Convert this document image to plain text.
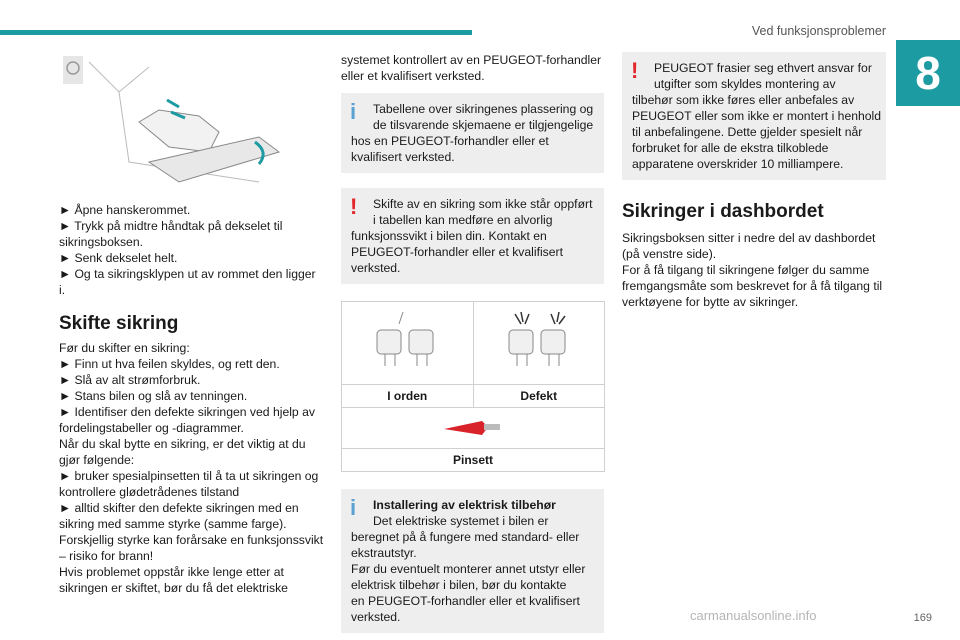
Ved funksjonsproblemer
8
► Åpne hanskerommet.
► Trykk på midtre håndtak på dekselet til
sikringsboksen.
► Senk dekselet helt.
► Og ta sikringsklypen ut av rommet den ligger
i.
Skifte sikring
Før du skifter en sikring:
► Finn ut hva feilen skyldes, og rett den.
► Slå av alt strømforbruk.
► Stans bilen og slå av tenningen.
► Identifiser den defekte sikringen ved hjelp av
fordelingstabeller og -diagrammer.
Når du skal bytte en sikring, er det viktig at du
gjør følgende:
► bruker spesialpinsetten til å ta ut sikringen og
kontrollere glødetrådenes tilstand
► alltid skifter den defekte sikringen med en
sikring med samme styrke (samme farge).
Forskjellig styrke kan forårsake en funksjonssvikt
– risiko for brann!
Hvis problemet oppstår ikke lenge etter at
sikringen er skiftet, bør du få det elektriske
systemet kontrollert av en PEUGEOT-forhandler
eller et kvalifisert verksted.
i	Tabellene over sikringenes plassering og
de tilsvarende skjemaene er tilgjengelige
hos en PEUGEOT-forhandler eller et
kvalifisert verksted.
!	Skifte av en sikring som ikke står oppført
i tabellen kan medføre en alvorlig
funksjonssvikt i bilen din. Kontakt en
PEUGEOT-forhandler eller et kvalifisert
verksted.
I orden	Defekt
Pinsett
i	Installering av elektrisk tilbehør
Det elektriske systemet i bilen er
beregnet på å fungere med standard- eller
ekstrautstyr.
Før du eventuelt monterer annet utstyr eller
elektrisk tilbehør i bilen, bør du kontakte
en PEUGEOT-forhandler eller et kvalifisert
verksted.
!	PEUGEOT frasier seg ethvert ansvar for
utgifter som skyldes montering av
tilbehør som ikke føres eller anbefales av
PEUGEOT eller som ikke er montert i henhold
til anbefalingene. Dette gjelder spesielt når
forbruket for alle de ekstra tilkoblede
apparatene overskrider 10 milliampere.
Sikringer i dashbordet
Sikringsboksen sitter i nedre del av dashbordet
(på venstre side).
For å få tilgang til sikringene følger du samme
fremgangsmåte som beskrevet for å få tilgang til
verktøyene for bytte av sikringer.
carmanualsonline.info	169
